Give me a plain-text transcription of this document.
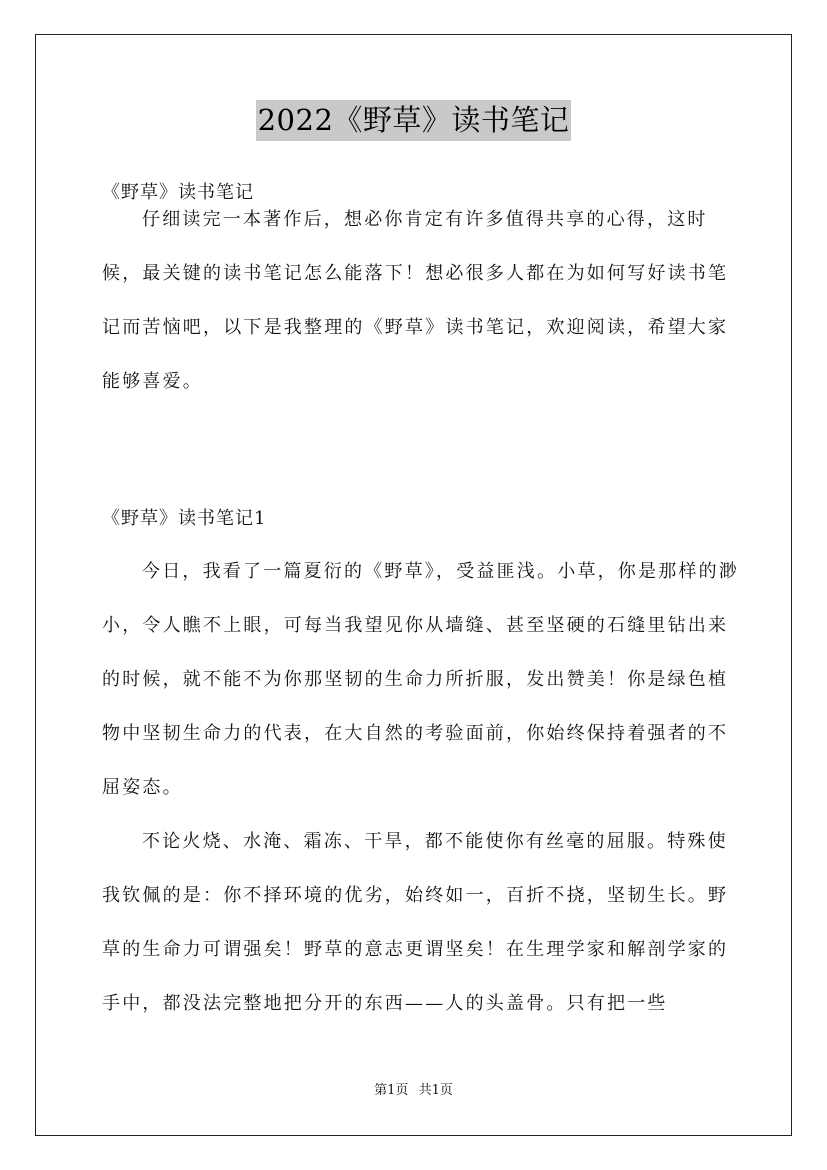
2022《野草》读书笔记
《野草》读书笔记
仔细读完一本著作后，想必你肯定有许多值得共享的心得，这时候，最关键的读书笔记怎么能落下！想必很多人都在为如何写好读书笔记而苦恼吧，以下是我整理的《野草》读书笔记，欢迎阅读，希望大家能够喜爱。
《野草》读书笔记1
今日，我看了一篇夏衍的《野草》，受益匪浅。小草，你是那样的渺小，令人瞧不上眼，可每当我望见你从墙缝、甚至坚硬的石缝里钻出来的时候，就不能不为你那坚韧的生命力所折服，发出赞美！你是绿色植物中坚韧生命力的代表，在大自然的考验面前，你始终保持着强者的不屈姿态。
不论火烧、水淹、霜冻、干旱，都不能使你有丝毫的屈服。特殊使我钦佩的是：你不择环境的优劣，始终如一，百折不挠，坚韧生长。野草的生命力可谓强矣！野草的意志更谓坚矣！在生理学家和解剖学家的手中，都没法完整地把分开的东西——人的头盖骨。只有把一些
第1页 共1页
